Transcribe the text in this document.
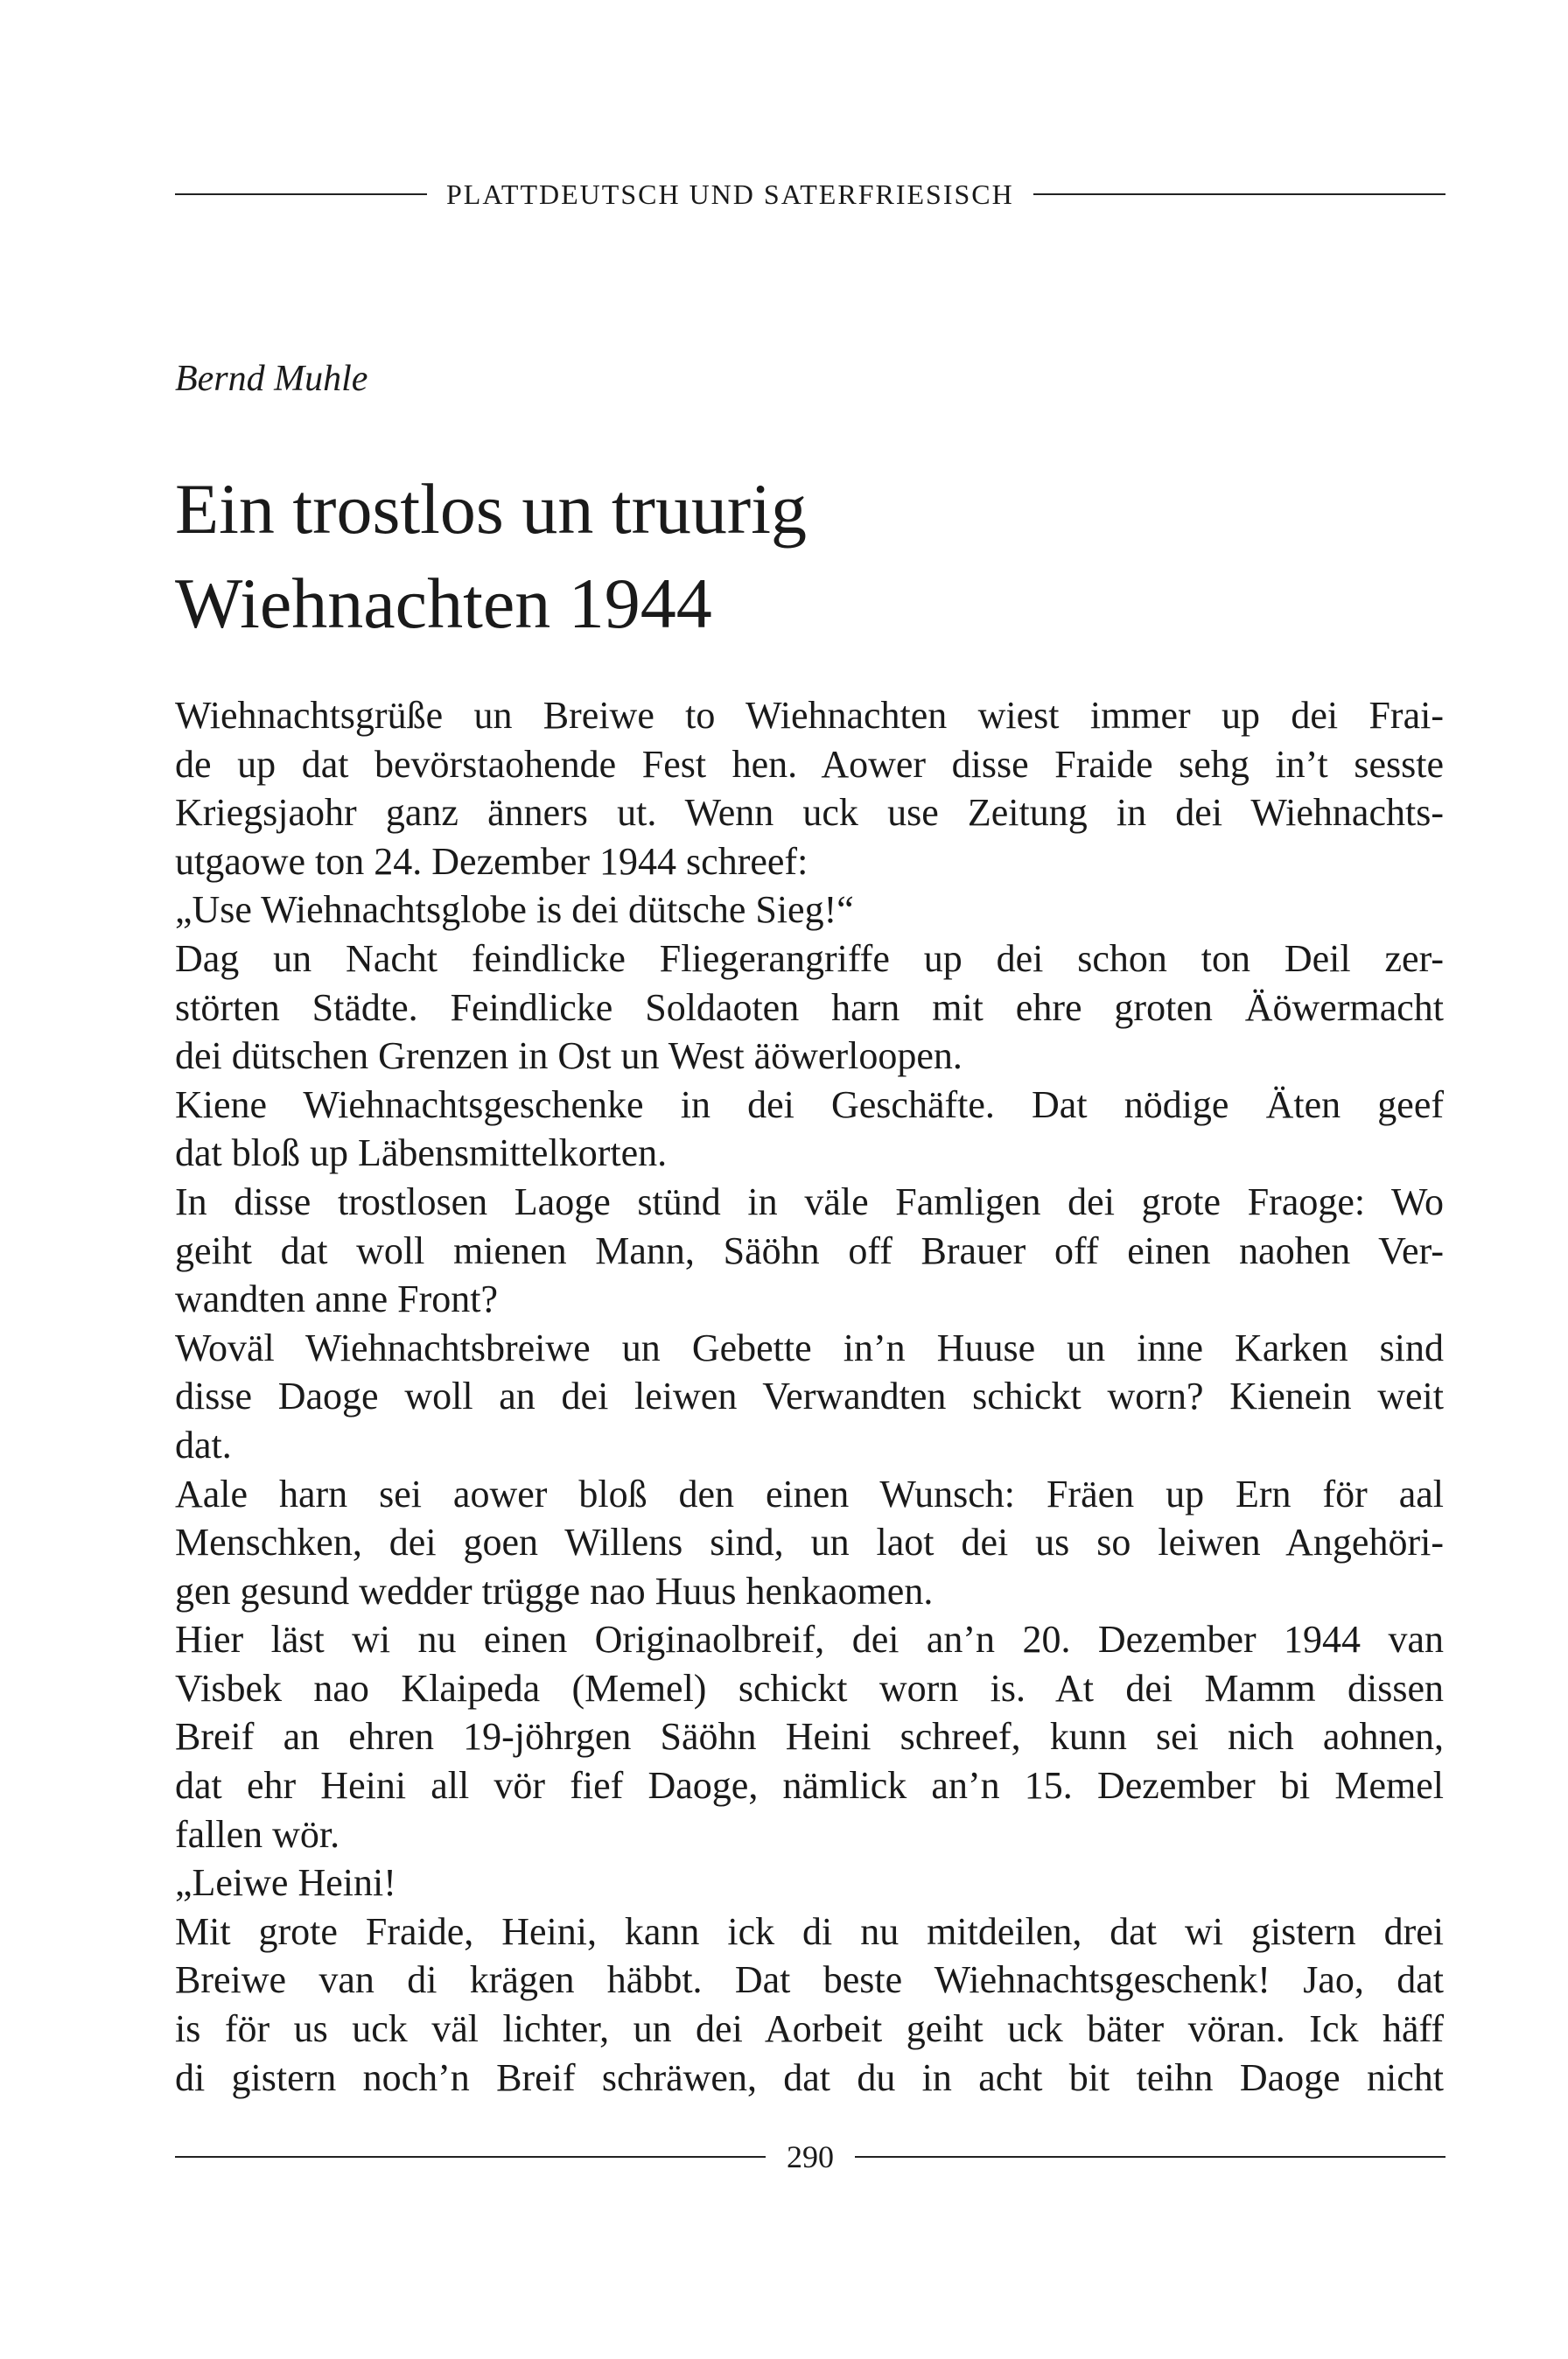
PLATTDEUTSCH UND SATERFRIESISCH
Bernd Muhle
Ein trostlos un truurig
Wiehnachten 1944
Wiehnachtsgrüße un Breiwe to Wiehnachten wiest immer up dei Frai-
de up dat bevörstaohende Fest hen. Aower disse Fraide sehg in’t sesste
Kriegsjaohr ganz änners ut. Wenn uck use Zeitung in dei Wiehnachts-
utgaowe ton 24. Dezember 1944 schreef:
„Use Wiehnachtsglobe is dei dütsche Sieg!“
Dag un Nacht feindlicke Fliegerangriffe up dei schon ton Deil zer-
störten Städte. Feindlicke Soldaoten harn mit ehre groten Äöwermacht
dei dütschen Grenzen in Ost un West äöwerloopen.
Kiene Wiehnachtsgeschenke in dei Geschäfte. Dat nödige Äten geef
dat bloß up Läbensmittelkorten.
In disse trostlosen Laoge stünd in väle Famligen dei grote Fraoge: Wo
geiht dat woll mienen Mann, Säöhn off Brauer off einen naohen Ver-
wandten anne Front?
Woväl Wiehnachtsbreiwe un Gebette in’n Huuse un inne Karken sind
disse Daoge woll an dei leiwen Verwandten schickt worn? Kienein weit
dat.
Aale harn sei aower bloß den einen Wunsch: Fräen up Ern för aal
Menschken, dei goen Willens sind, un laot dei us so leiwen Angehöri-
gen gesund wedder trügge nao Huus henkaomen.
Hier läst wi nu einen Originaolbreif, dei an’n 20. Dezember 1944 van
Visbek nao Klaipeda (Memel) schickt worn is. At dei Mamm dissen
Breif an ehren 19-jöhrgen Säöhn Heini schreef, kunn sei nich aohnen,
dat ehr Heini all vör fief Daoge, nämlick an’n 15. Dezember bi Memel
fallen wör.
„Leiwe Heini!
Mit grote Fraide, Heini, kann ick di nu mitdeilen, dat wi gistern drei
Breiwe van di krägen häbbt. Dat beste Wiehnachtsgeschenk! Jao, dat
is för us uck väl lichter, un dei Aorbeit geiht uck bäter vöran. Ick häff
di gistern noch’n Breif schräwen, dat du in acht bit teihn Daoge nicht
290
